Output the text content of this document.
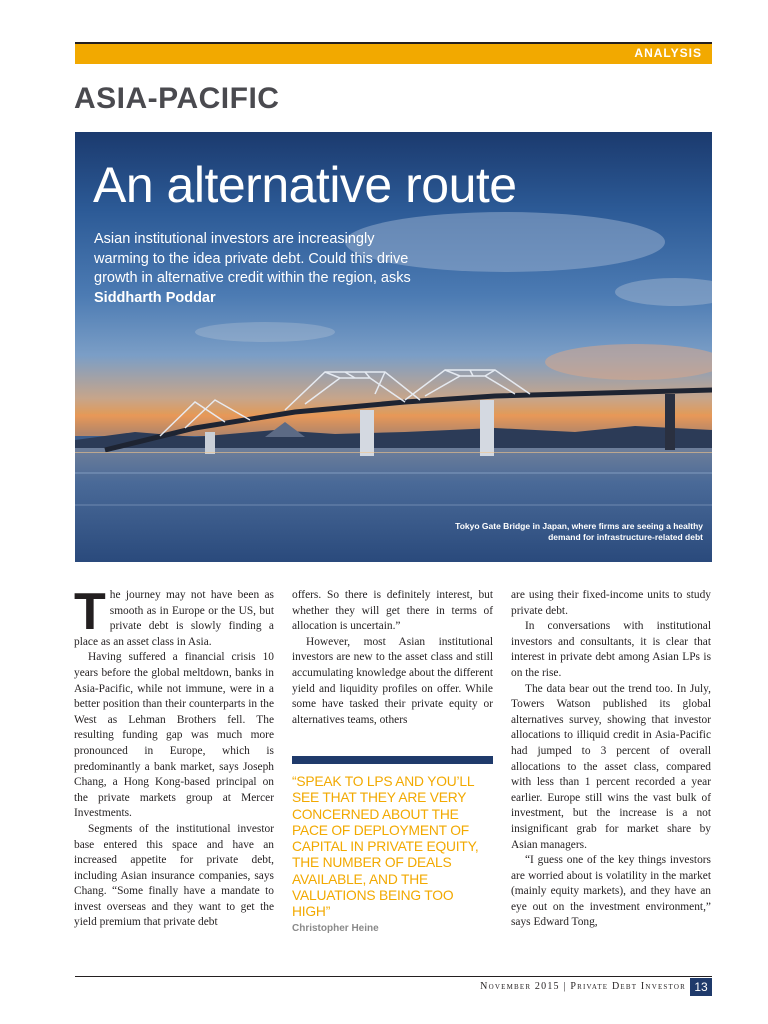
ANALYSIS
ASIA-PACIFIC
An alternative route

Asian institutional investors are increasingly warming to the idea private debt. Could this drive growth in alternative credit within the region, asks Siddharth Poddar

Tokyo Gate Bridge in Japan, where firms are seeing a healthy demand for infrastructure-related debt

The journey may not have been as smooth as in Europe or the US, but private debt is slowly finding a place as an asset class in Asia.

Having suffered a financial crisis 10 years before the global meltdown, banks in Asia-Pacific, while not immune, were in a better position than their counterparts in the West as Lehman Brothers fell. The resulting funding gap was much more pronounced in Europe, which is predominantly a bank market, says Joseph Chang, a Hong Kong-based principal on the private markets group at Mercer Investments.

Segments of the institutional investor base entered this space and have an increased appetite for private debt, including Asian insurance companies, says Chang. “Some finally have a mandate to invest overseas and they want to get the yield premium that private debt

offers. So there is definitely interest, but whether they will get there in terms of allocation is uncertain.”

However, most Asian institutional investors are new to the asset class and still accumulating knowledge about the different yield and liquidity profiles on offer. While some have tasked their private equity or alternatives teams, others

“SPEAK TO LPS AND YOU’LL SEE THAT THEY ARE VERY CONCERNED ABOUT THE PACE OF DEPLOYMENT OF CAPITAL IN PRIVATE EQUITY, THE NUMBER OF DEALS AVAILABLE, AND THE VALUATIONS BEING TOO HIGH”

Christopher Heine

are using their fixed-income units to study private debt.

In conversations with institutional investors and consultants, it is clear that interest in private debt among Asian LPs is on the rise.

The data bear out the trend too. In July, Towers Watson published its global alternatives survey, showing that investor allocations to illiquid credit in Asia-Pacific had jumped to 3 percent of overall allocations to the asset class, compared with less than 1 percent recorded a year earlier. Europe still wins the vast bulk of investment, but the increase is a not insignificant grab for market share by Asian managers.

“I guess one of the key things investors are worried about is volatility in the market (mainly equity markets), and they have an eye out on the investment environment,” says Edward Tong,

November 2015 | Private Debt Investor 13
